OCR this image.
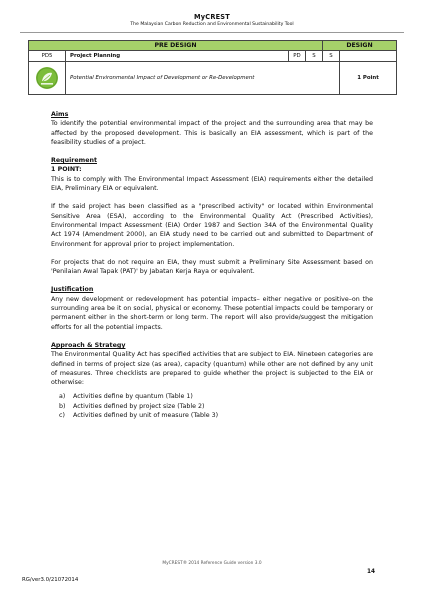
MyCREST
The Malaysian Carbon Reduction and Environmental Sustainability Tool
PRE DESIGN				DESIGN	
PD5	Project Planning	PD	S	S	

	Potential Environmental Impact of Development or Re-Development				1 Point

Aims

To identify the potential environmental impact of the project and the surrounding area that may be affected by the proposed development. This is basically an EIA assessment, which is part of the feasibility studies of a project.

Requirement

1 POINT:

This is to comply with The Environmental Impact Assessment (EIA) requirements either the detailed EIA, Preliminary EIA or equivalent.

If the said project has been classified as a "prescribed activity" or located within Environmental Sensitive Area (ESA), according to the Environmental Quality Act (Prescribed Activities), Environmental Impact Assessment (EIA) Order 1987 and Section 34A of the Environmental Quality Act 1974 (Amendment 2000), an EIA study need to be carried out and submitted to Department of Environment for approval prior to project implementation.

For projects that do not require an EIA, they must submit a Preliminary Site Assessment based on 'Penilaian Awal Tapak (PAT)' by Jabatan Kerja Raya or equivalent.

Justification

Any new development or redevelopment has potential impacts– either negative or positive–on the surrounding area be it on social, physical or economy. These potential impacts could be temporary or permanent either in the short-term or long term. The report will also provide/suggest the mitigation efforts for all the potential impacts.

Approach & Strategy

The Environmental Quality Act has specified activities that are subject to EIA. Nineteen categories are defined in terms of project size (as area), capacity (quantum) while other are not defined by any unit of measures. Three checklists are prepared to guide whether the project is subjected to the EIA or otherwise:

a) Activities define by quantum (Table 1)
b) Activities defined by project size (Table 2)
c) Activities defined by unit of measure (Table 3)
MyCREST® 2014 Reference Guide version 3.0
14
RG/ver3.0/21072014
